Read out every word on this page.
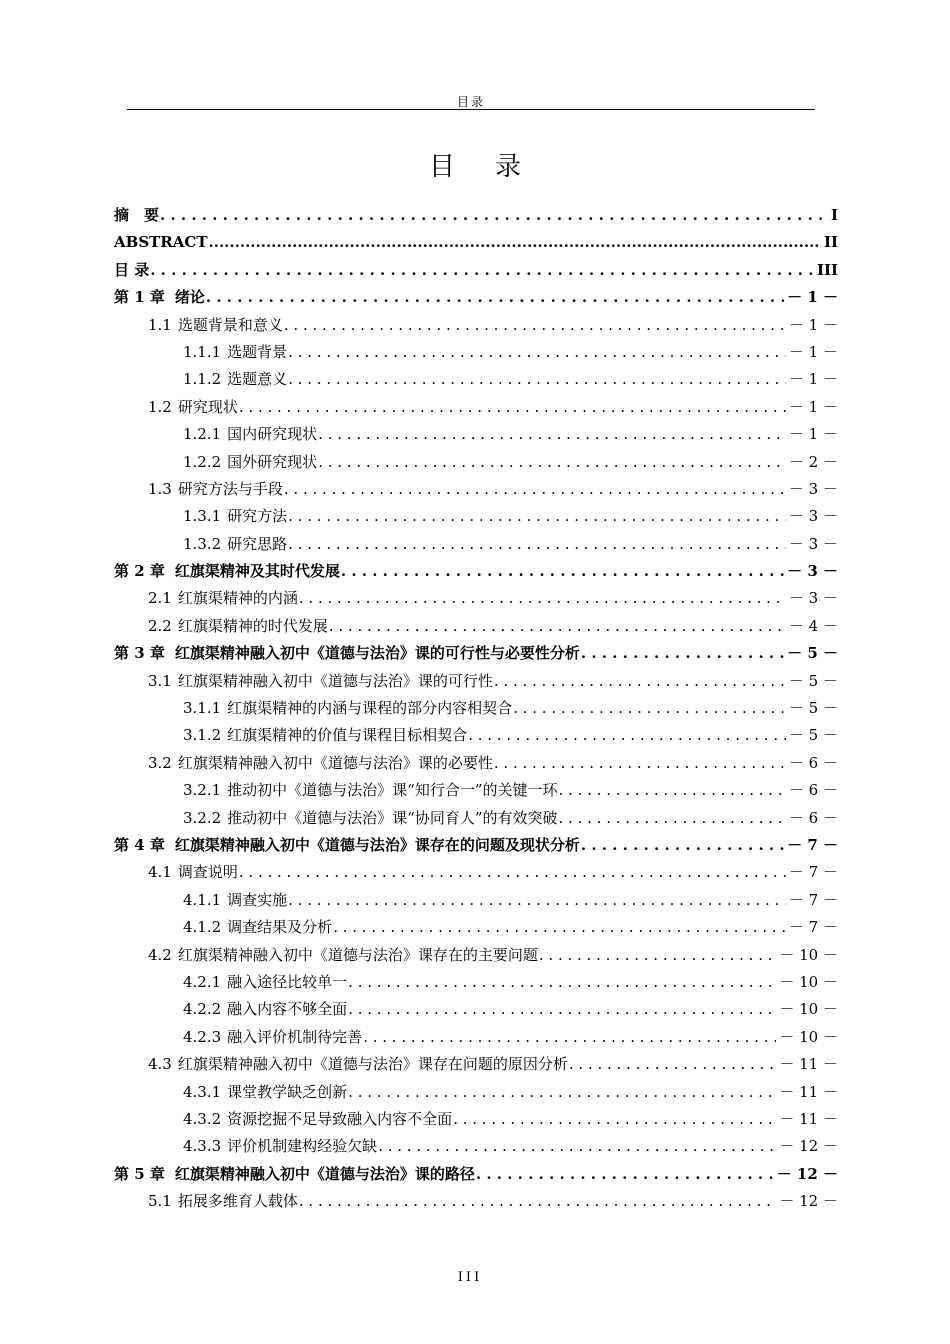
目录
目录
摘　要 . . .	I
ABSTRACT .....	II
目 录 . . .	III
第 1 章 绪论 . . .	－ 1 －
1.1 选题背景和意义 . . .	－ 1 －
1.1.1 选题背景 . . .	－ 1 －
1.1.2 选题意义 . . .	－ 1 －
1.2 研究现状 . . .	－ 1 －
1.2.1 国内研究现状 . . .	－ 1 －
1.2.2 国外研究现状 . . .	－ 2 －
1.3 研究方法与手段 . . .	－ 3 －
1.3.1 研究方法 . . .	－ 3 －
1.3.2 研究思路 . . .	－ 3 －
第 2 章 红旗渠精神及其时代发展 . . .	－ 3 －
2.1 红旗渠精神的内涵 . . .	－ 3 －
2.2 红旗渠精神的时代发展 . . .	－ 4 －
第 3 章 红旗渠精神融入初中《道德与法治》课的可行性与必要性分析 . . .	－ 5 －
3.1 红旗渠精神融入初中《道德与法治》课的可行性 . . .	－ 5 －
3.1.1 红旗渠精神的内涵与课程的部分内容相契合 . . .	－ 5 －
3.1.2 红旗渠精神的价值与课程目标相契合 . . .	－ 5 －
3.2 红旗渠精神融入初中《道德与法治》课的必要性 . . .	－ 6 －
3.2.1 推动初中《道德与法治》课“知行合一”的关键一环 . . .	－ 6 －
3.2.2 推动初中《道德与法治》课“协同育人”的有效突破 . . .	－ 6 －
第 4 章 红旗渠精神融入初中《道德与法治》课存在的问题及现状分析 . . .	－ 7 －
4.1 调查说明 . . .	－ 7 －
4.1.1 调查实施 . . .	－ 7 －
4.1.2 调查结果及分析 . . .	－ 7 －
4.2 红旗渠精神融入初中《道德与法治》课存在的主要问题 . . .	－ 10 －
4.2.1 融入途径比较单一 . . .	－ 10 －
4.2.2 融入内容不够全面 . . .	－ 10 －
4.2.3 融入评价机制待完善 . . .	－ 10 －
4.3 红旗渠精神融入初中《道德与法治》课存在问题的原因分析 . . .	－ 11 －
4.3.1 课堂教学缺乏创新 . . .	－ 11 －
4.3.2 资源挖掘不足导致融入内容不全面 . . .	－ 11 －
4.3.3 评价机制建构经验欠缺 . . .	－ 12 －
第 5 章 红旗渠精神融入初中《道德与法治》课的路径 . . .	－ 12 －
5.1 拓展多维育人载体 . . .	－ 12 －
III
